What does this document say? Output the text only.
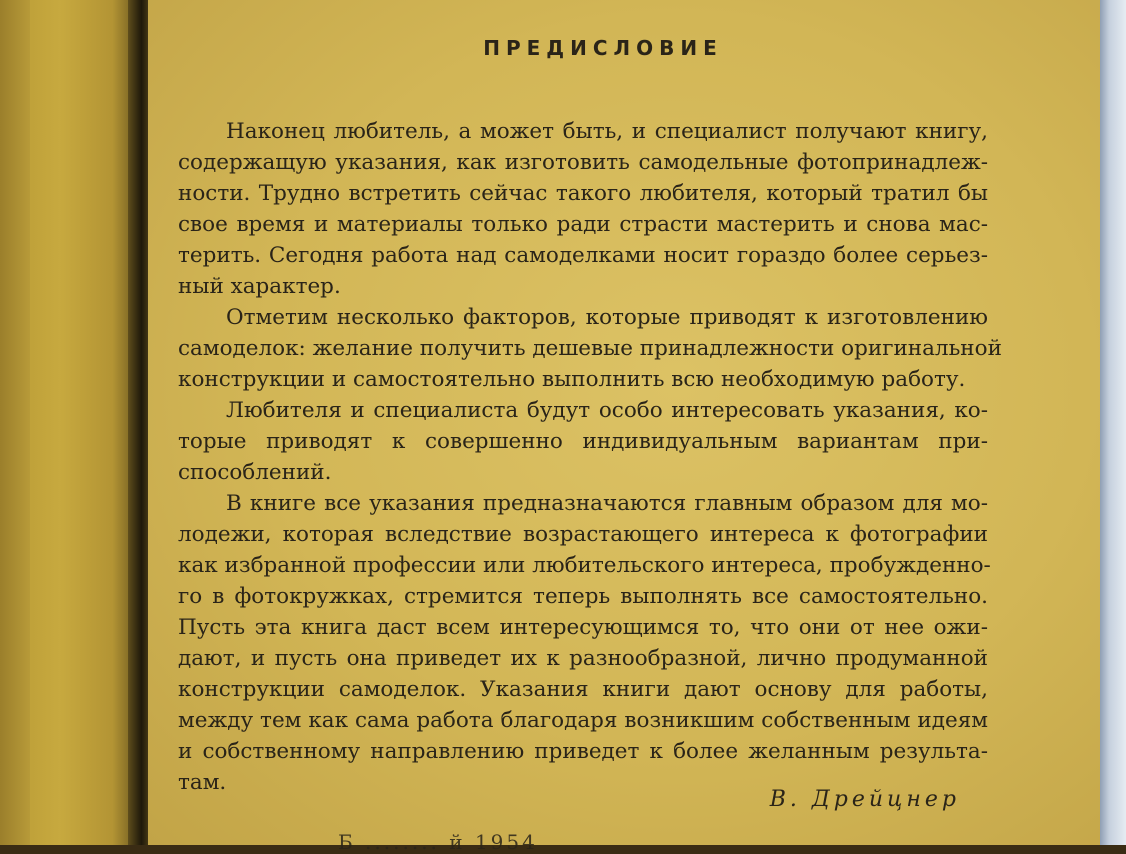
ПРЕДИСЛОВИЕ

Наконец любитель, а может быть, и специалист получают книгу,
содержащую указания, как изготовить самодельные фотопринадлеж-
ности. Трудно встретить сейчас такого любителя, который тратил бы
свое время и материалы только ради страсти мастерить и снова мас-
терить. Сегодня работа над самоделками носит гораздо более серьез-
ный характер.

Отметим несколько факторов, которые приводят к изготовлению
самоделок: желание получить дешевые принадлежности оригинальной
конструкции и самостоятельно выполнить всю необходимую работу.

Любителя и специалиста будут особо интересовать указания, ко-
торые приводят к совершенно индивидуальным вариантам при-
способлений.

В книге все указания предназначаются главным образом для мо-
лодежи, которая вследствие возрастающего интереса к фотографии
как избранной профессии или любительского интереса, пробужденно-
го в фотокружках, стремится теперь выполнять все самостоятельно.
Пусть эта книга даст всем интересующимся то, что они от нее ожи-
дают, и пусть она приведет их к разнообразной, лично продуманной
конструкции самоделок. Указания книги дают основу для работы,
между тем как сама работа благодаря возникшим собственным идеям
и собственному направлению приведет к более желанным результа-
там.

В. Дрейцнер
Б ........ й 1954
